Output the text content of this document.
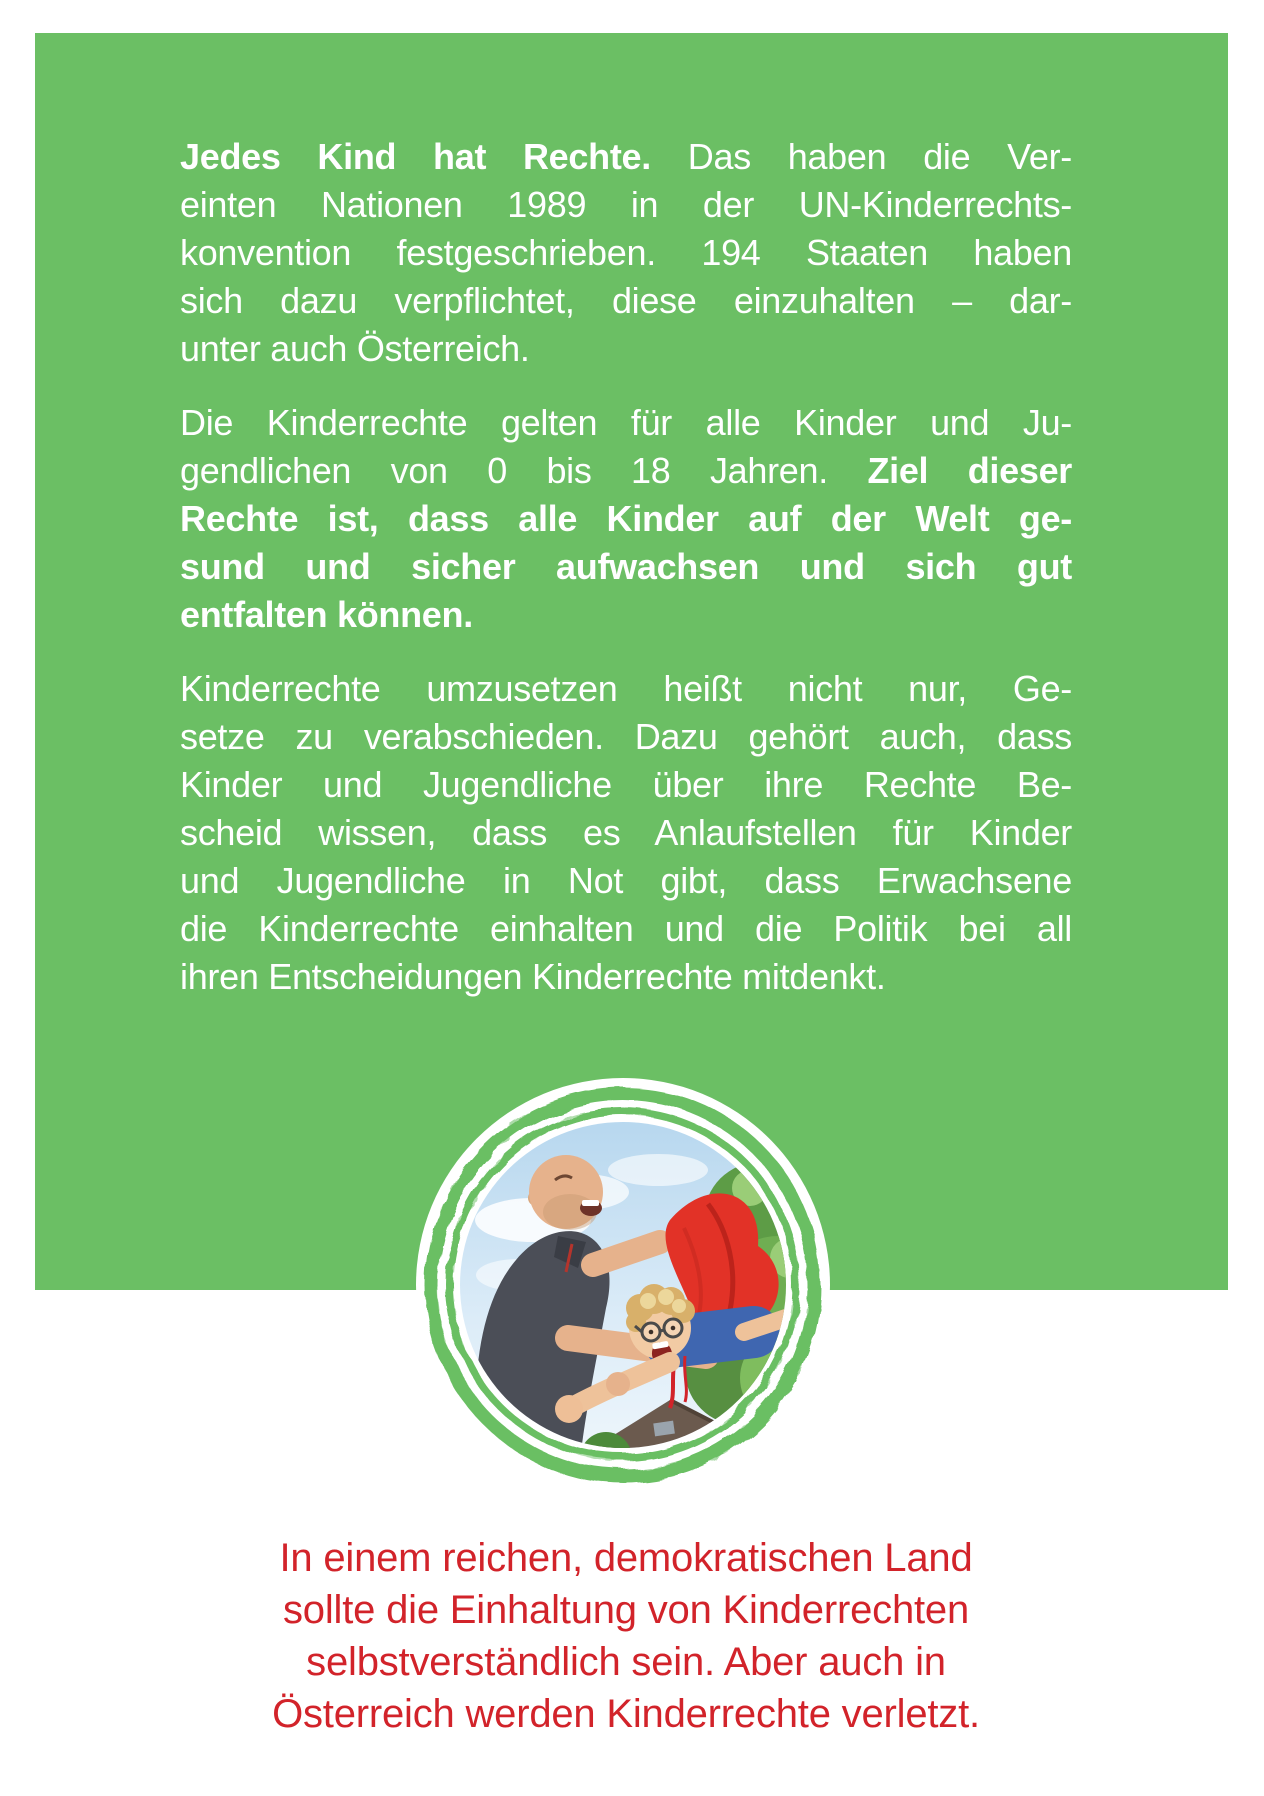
Jedes Kind hat Rechte. Das haben die Ver-
einten Nationen 1989 in der UN-Kinderrechts-
konvention festgeschrieben. 194 Staaten haben
sich dazu verpflichtet, diese einzuhalten – dar-
unter auch Österreich.
Die Kinderrechte gelten für alle Kinder und Ju-
gendlichen von 0 bis 18 Jahren. Ziel dieser
Rechte ist, dass alle Kinder auf der Welt ge-
sund und sicher aufwachsen und sich gut
entfalten können.
Kinderrechte umzusetzen heißt nicht nur, Ge-
setze zu verabschieden. Dazu gehört auch, dass
Kinder und Jugendliche über ihre Rechte Be-
scheid wissen, dass es Anlaufstellen für Kinder
und Jugendliche in Not gibt, dass Erwachsene
die Kinderrechte einhalten und die Politik bei all
ihren Entscheidungen Kinderrechte mitdenkt.

In einem reichen, demokratischen Land
sollte die Einhaltung von Kinderrechten
selbstverständlich sein. Aber auch in
Österreich werden Kinderrechte verletzt.
